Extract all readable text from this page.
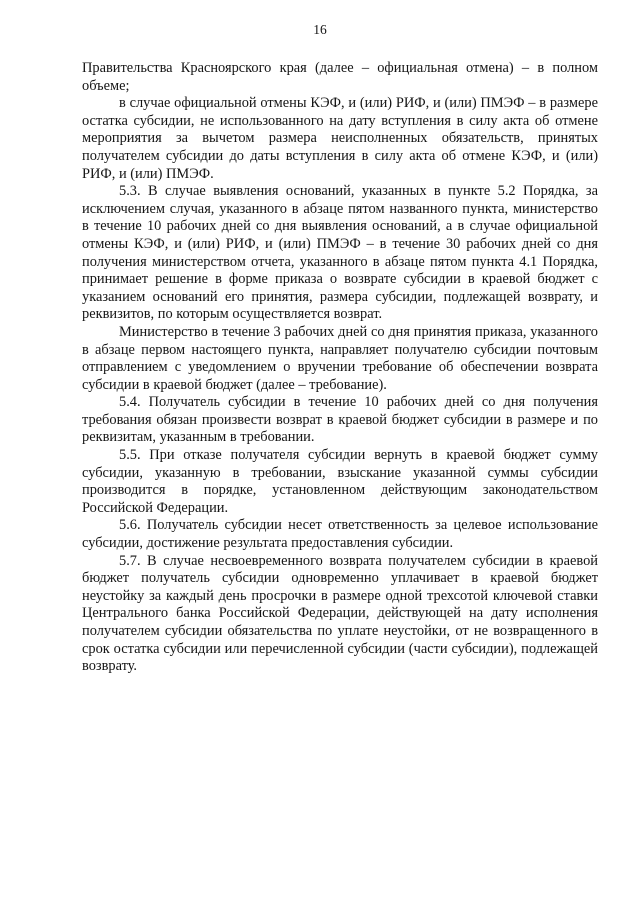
16

Правительства Красноярского края (далее – официальная отмена) – в полном объеме;

в случае официальной отмены КЭФ, и (или) РИФ, и (или) ПМЭФ – в размере остатка субсидии, не использованного на дату вступления в силу акта об отмене мероприятия за вычетом размера неисполненных обязательств, принятых получателем субсидии до даты вступления в силу акта об отмене КЭФ, и (или) РИФ, и (или) ПМЭФ.

5.3. В случае выявления оснований, указанных в пункте 5.2 Порядка, за исключением случая, указанного в абзаце пятом названного пункта, министерство в течение 10 рабочих дней со дня выявления оснований, а в случае официальной отмены КЭФ, и (или) РИФ, и (или) ПМЭФ – в течение 30 рабочих дней со дня получения министерством отчета, указанного в абзаце пятом пункта 4.1 Порядка, принимает решение в форме приказа о возврате субсидии в краевой бюджет с указанием оснований его принятия, размера субсидии, подлежащей возврату, и реквизитов, по которым осуществляется возврат.

Министерство в течение 3 рабочих дней со дня принятия приказа, указанного в абзаце первом настоящего пункта, направляет получателю субсидии почтовым отправлением с уведомлением о вручении требование об обеспечении возврата субсидии в краевой бюджет (далее – требование).

5.4. Получатель субсидии в течение 10 рабочих дней со дня получения требования обязан произвести возврат в краевой бюджет субсидии в размере и по реквизитам, указанным в требовании.

5.5. При отказе получателя субсидии вернуть в краевой бюджет сумму субсидии, указанную в требовании, взыскание указанной суммы субсидии производится в порядке, установленном действующим законодательством Российской Федерации.

5.6. Получатель субсидии несет ответственность за целевое использование субсидии, достижение результата предоставления субсидии.

5.7. В случае несвоевременного возврата получателем субсидии в краевой бюджет получатель субсидии одновременно уплачивает в краевой бюджет неустойку за каждый день просрочки в размере одной трехсотой ключевой ставки Центрального банка Российской Федерации, действующей на дату исполнения получателем субсидии обязательства по уплате неустойки, от не возвращенного в срок остатка субсидии или перечисленной субсидии (части субсидии), подлежащей возврату.
